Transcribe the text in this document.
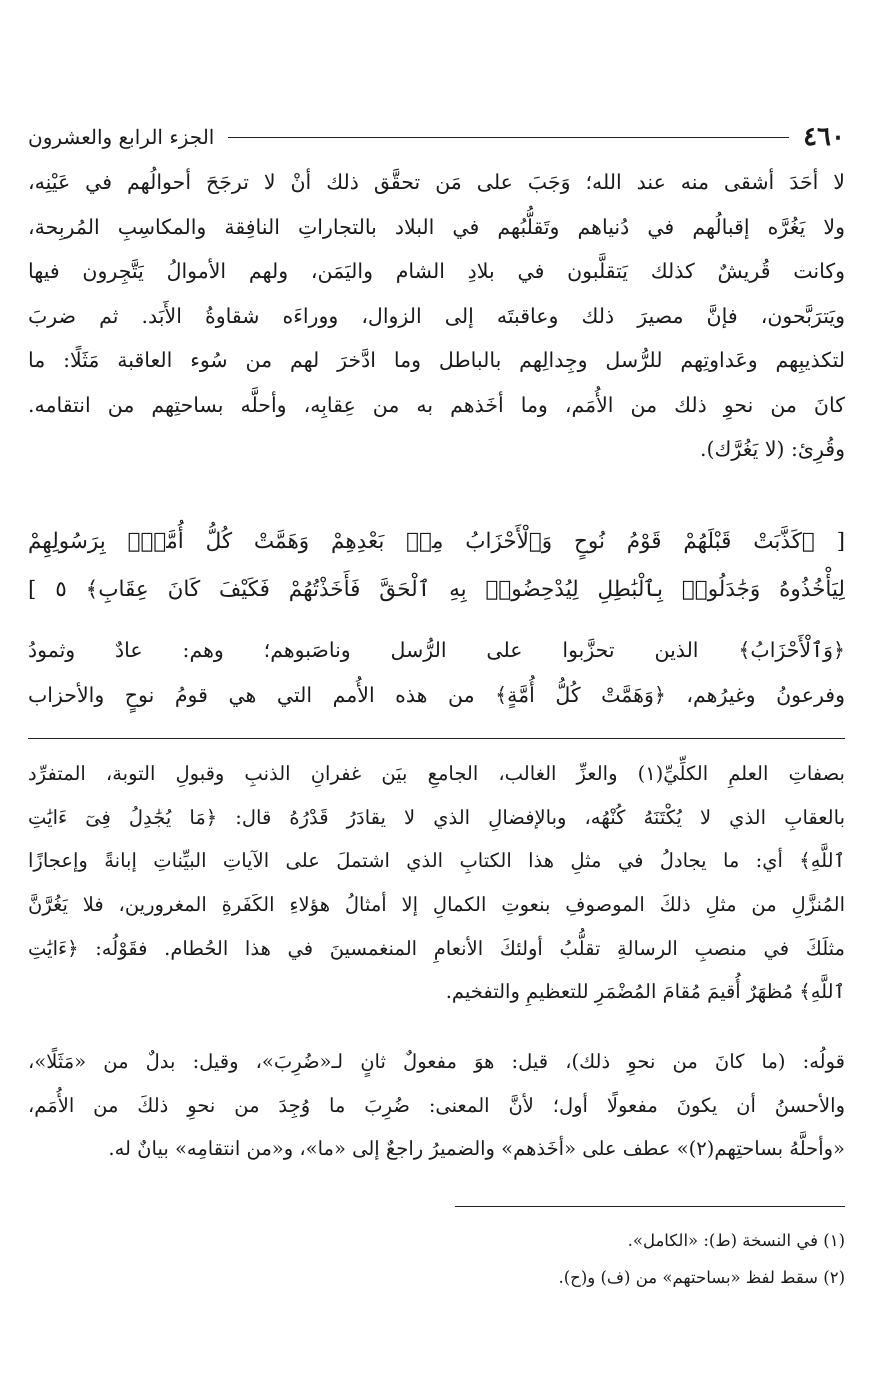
٤٦٠
الجزء الرابع والعشرون
لا أحَدَ أشقى منه عند الله؛ وَجَبَ على مَن تحقَّق ذلك أنْ لا ترجَحَ أحوالُهم في عَيْنِه،
ولا يَغُرَّه إقبالُهم في دُنياهم وتَقلُّبُهم في البلاد بالتجاراتِ النافِقة والمكاسِبِ المُربِحة،
وكانت قُريشٌ كذلك يَتقلَّبون في بلادِ الشام واليَمَن، ولهم الأموالُ يَتَّجِرون فيها
ويَترَبَّحون، فإنَّ مصيرَ ذلك وعاقبتَه إلى الزوال، ووراءَه شقاوةُ الأَبَد. ثم ضربَ
لتكذيبِهم وعَداوتِهم للرُّسل وجِدالِهم بالباطل وما ادَّخرَ لهم من سُوء العاقبة مَثَلًا: ما
كانَ من نحوِ ذلك من الأُمَم، وما أخَذهم به من عِقابِه، وأحلَّه بساحتِهم من انتقامه.
وقُرِئ: (لا يَغُرَّك).
[ ﴿كَذَّبَتْ قَبْلَهُمْ قَوْمُ نُوحٍ وَٱلْأَحْزَابُ مِنۢ بَعْدِهِمْ وَهَمَّتْ كُلُّ أُمَّةٍۭ بِرَسُولِهِمْ
لِيَأْخُذُوهُ وَجَٰدَلُوا۟ بِٱلْبَٰطِلِ لِيُدْحِضُوا۟ بِهِ ٱلْحَقَّ فَأَخَذْتُهُمْ فَكَيْفَ كَانَ عِقَابِ﴾ ٥ ]
﴿وَٱلْأَحْزَابُ﴾ الذين تحزَّبوا على الرُّسل وناصَبوهم؛ وهم: عادٌ وثمودُ
وفرعونُ وغيرُهم، ﴿وَهَمَّتْ كُلُّ أُمَّةٍ﴾ من هذه الأُمم التي هي قومُ نوحٍ والأحزاب
بصفاتِ العلمِ الكلِّيِّ(١) والعزِّ الغالب، الجامعِ بيَن غفرانِ الذنبِ وقبولِ التوبة، المتفرِّد
بالعقابِ الذي لا يُكْتَنَهُ كُنْهُه، وبالإفضالِ الذي لا يقادَرُ قَدْرُهُ قال: ﴿مَا يُجَٰدِلُ فِىٓ ءَايَٰتِ
ٱللَّهِ﴾ أي: ما يجادلُ في مثلِ هذا الكتابِ الذي اشتملَ على الآياتِ البيِّناتِ إبانةً وإعجازًا
المُنزَّلِ من مثلِ ذلكَ الموصوفِ بنعوتِ الكمالِ إلا أمثالُ هؤلاءِ الكَفَرةِ المغرورين، فلا يَغُرَّنَّ
مثلَكَ في منصبِ الرسالةِ تقلُّبُ أولئكَ الأنعامِ المنغمسينَ في هذا الحُطام. فقَوْلُه: ﴿ءَايَٰتِ
ٱللَّهِ﴾ مُظهَرٌ أُقيمَ مُقامَ المُضْمَرِ للتعظيمِ والتفخيم.
قولُه: (ما كانَ من نحوِ ذلك)، قيل: هوَ مفعولٌ ثانٍ لـ«ضُرِبَ»، وقيل: بدلٌ من «مَثَلًا»،
والأحسنُ أن يكونَ مفعولًا أول؛ لأنَّ المعنى: ضُرِبَ ما وُجِدَ من نحوِ ذلكَ من الأُمَم،
«وأحلَّهُ بساحتِهم(٢)» عطف على «أخَذهم» والضميرُ راجعٌ إلى «ما»، و«من انتقامِه» بيانٌ له.
(١) في النسخة (ط): «الكامل».
(٢) سقط لفظ «بساحتهم» من (ف) و(ح).
